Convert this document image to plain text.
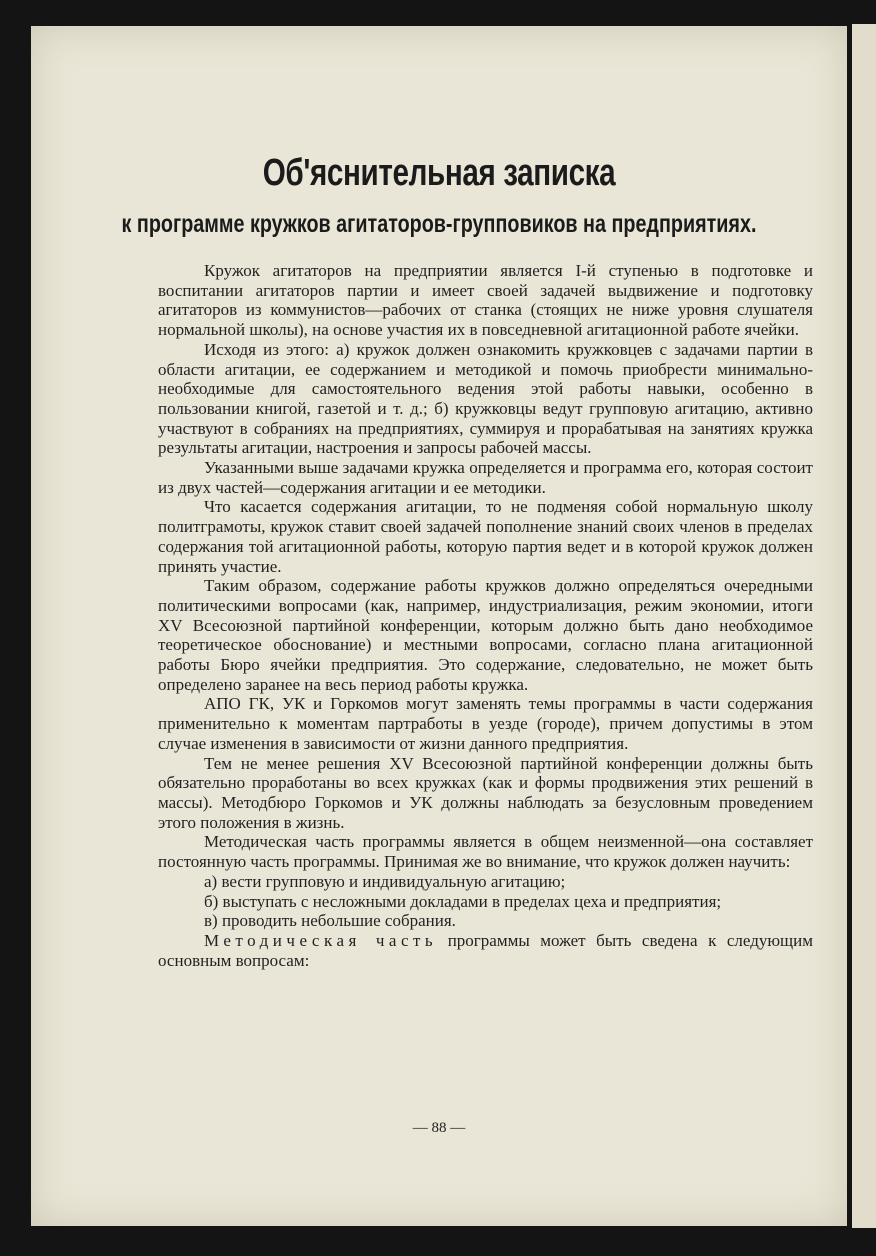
Об'яснительная записка
к программе кружков агитаторов-групповиков на предприятиях.

Кружок агитаторов на предприятии является І-й ступенью в подготовке и воспитании агитаторов партии и имеет своей задачей выдвижение и подготовку агитаторов из коммунистов—рабочих от станка (стоящих не ниже уровня слушателя нормальной школы), на основе участия их в повседневной агитационной работе ячейки.

Исходя из этого: а) кружок должен ознакомить кружковцев с задачами партии в области агитации, ее содержанием и методикой и помочь приобрести минимально-необходимые для самостоятельного ведения этой работы навыки, особенно в пользовании книгой, газетой и т. д.; б) кружковцы ведут групповую агитацию, активно участвуют в собраниях на предприятиях, суммируя и прорабатывая на занятиях кружка результаты агитации, настроения и запросы рабочей массы.

Указанными выше задачами кружка определяется и программа его, которая состоит из двух частей—содержания агитации и ее методики.

Что касается содержания агитации, то не подменяя собой нормальную школу политграмоты, кружок ставит своей задачей пополнение знаний своих членов в пределах содержания той агитационной работы, которую партия ведет и в которой кружок должен принять участие.

Таким образом, содержание работы кружков должно определяться очередными политическими вопросами (как, например, индустриализация, режим экономии, итоги XV Всесоюзной партийной конференции, которым должно быть дано необходимое теоретическое обоснование) и местными вопросами, согласно плана агитационной работы Бюро ячейки предприятия. Это содержание, следовательно, не может быть определено заранее на весь период работы кружка.

АПО ГК, УК и Горкомов могут заменять темы программы в части содержания применительно к моментам партработы в уезде (городе), причем допустимы в этом случае изменения в зависимости от жизни данного предприятия.

Тем не менее решения XV Всесоюзной партийной конференции должны быть обязательно проработаны во всех кружках (как и формы продвижения этих решений в массы). Методбюро Горкомов и УК должны наблюдать за безусловным проведением этого положения в жизнь.

Методическая часть программы является в общем неизменной—она составляет постоянную часть программы. Принимая же во внимание, что кружок должен научить:

а) вести групповую и индивидуальную агитацию;

б) выступать с несложными докладами в пределах цеха и предприятия;

в) проводить небольшие собрания.

Методическая часть программы может быть сведена к следующим основным вопросам:

— 88 —
